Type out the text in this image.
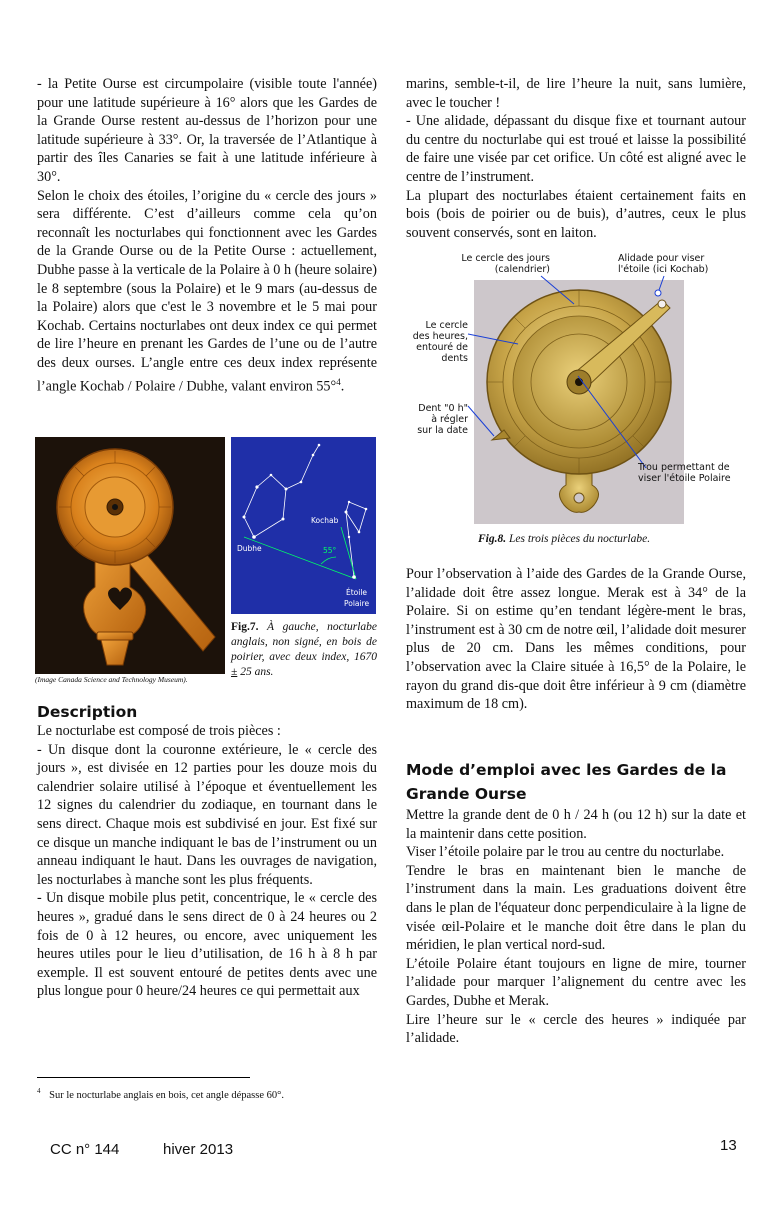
- la Petite Ourse est circumpolaire (visible toute l'année) pour une latitude supérieure à 16° alors que les Gardes de la Grande Ourse restent au-dessus de l’horizon pour une latitude supérieure à 33°. Or, la traversée de l’Atlantique à partir des îles Canaries se fait à une latitude inférieure à 30°.

Selon le choix des étoiles, l’origine du « cercle des jours » sera différente. C’est d’ailleurs comme cela qu’on reconnaît les nocturlabes qui fonctionnent avec les Gardes de la Grande Ourse ou de la Petite Ourse : actuellement, Dubhe passe à la verticale de la Polaire à 0 h (heure solaire) le 8 septembre (sous la Polaire) et le 9 mars (au-dessus de la Polaire) alors que c'est le 3 novembre et le 5 mai pour Kochab. Certains nocturlabes ont deux index ce qui permet de lire l’heure en prenant les Gardes de l’une ou de l’autre des deux ourses. L’angle entre ces deux index représente l’angle Kochab / Polaire / Dubhe, valant environ 55°$^4$.

(Image Canada Science and Technology Museum).
Kochab
Dubhe	55°
Étoile
Polaire
Fig.7. À gauche, nocturlabe anglais, non signé, en bois de poirier, avec deux index, 1670 ± 25 ans.

Description

Le nocturlabe est composé de trois pièces :

- Un disque dont la couronne extérieure, le « cercle des jours », est divisée en 12 parties pour les douze mois du calendrier solaire utilisé à l’époque et éventuellement les 12 signes du calendrier du zodiaque, en tournant dans le sens direct. Chaque mois est subdivisé en jour. Est fixé sur ce disque un manche indiquant le bas de l’instrument ou un anneau indiquant le haut. Dans les ouvrages de navigation, les nocturlabes à manche sont les plus fréquents.

- Un disque mobile plus petit, concentrique, le « cercle des heures », gradué dans le sens direct de 0 à 24 heures ou 2 fois de 0 à 12 heures, ou encore, avec uniquement les heures utiles pour le lieu d’utilisation, de 16 h à 8 h par exemple. Il est souvent entouré de petites dents avec une plus longue pour 0 heure/24 heures ce qui permettait aux

marins, semble-t-il, de lire l’heure la nuit, sans lumière, avec le toucher !

- Une alidade, dépassant du disque fixe et tournant autour du centre du nocturlabe qui est troué et laisse la possibilité de faire une visée par cet orifice. Un côté est aligné avec le centre de l’instrument.

La plupart des nocturlabes étaient certainement faits en bois (bois de poirier ou de buis), d’autres, ceux le plus souvent conservés, sont en laiton.

Le cercle des jours
(calendrier)
Alidade pour viser
l'étoile (ici Kochab)
Le cercle
des heures,
entouré de
dents
Dent "0 h"
à régler
sur la date
Trou permettant de
viser l'étoile Polaire
Fig.8. Les trois pièces du nocturlabe.

Pour l’observation à l’aide des Gardes de la Grande Ourse, l’alidade doit être assez longue. Merak est à 34° de la Polaire. Si on estime qu’en tendant légère-ment le bras, l’instrument est à 30 cm de notre œil, l’alidade doit mesurer plus de 20 cm. Dans les mêmes conditions, pour l’observation avec la Claire située à 16,5° de la Polaire, le rayon du grand dis-que doit être inférieur à 9 cm (diamètre maximum de 18 cm).

Mode d’emploi avec les Gardes de la Grande Ourse

Mettre la grande dent de 0 h / 24 h (ou 12 h) sur la date et la maintenir dans cette position.

Viser l’étoile polaire par le trou au centre du nocturlabe.

Tendre le bras en maintenant bien le manche de l’instrument dans la main. Les graduations doivent être dans le plan de l'équateur donc perpendiculaire à la ligne de visée œil-Polaire et le manche doit être dans le plan du méridien, le plan vertical nord-sud.

L’étoile Polaire étant toujours en ligne de mire, tourner l’alidade pour marquer l’alignement du centre avec les Gardes, Dubhe et Merak.

Lire l’heure sur le « cercle des heures » indiquée par l’alidade.

$^4$ Sur le nocturlabe anglais en bois, cet angle dépasse 60°.
CC n° 144	hiver 2013	13
